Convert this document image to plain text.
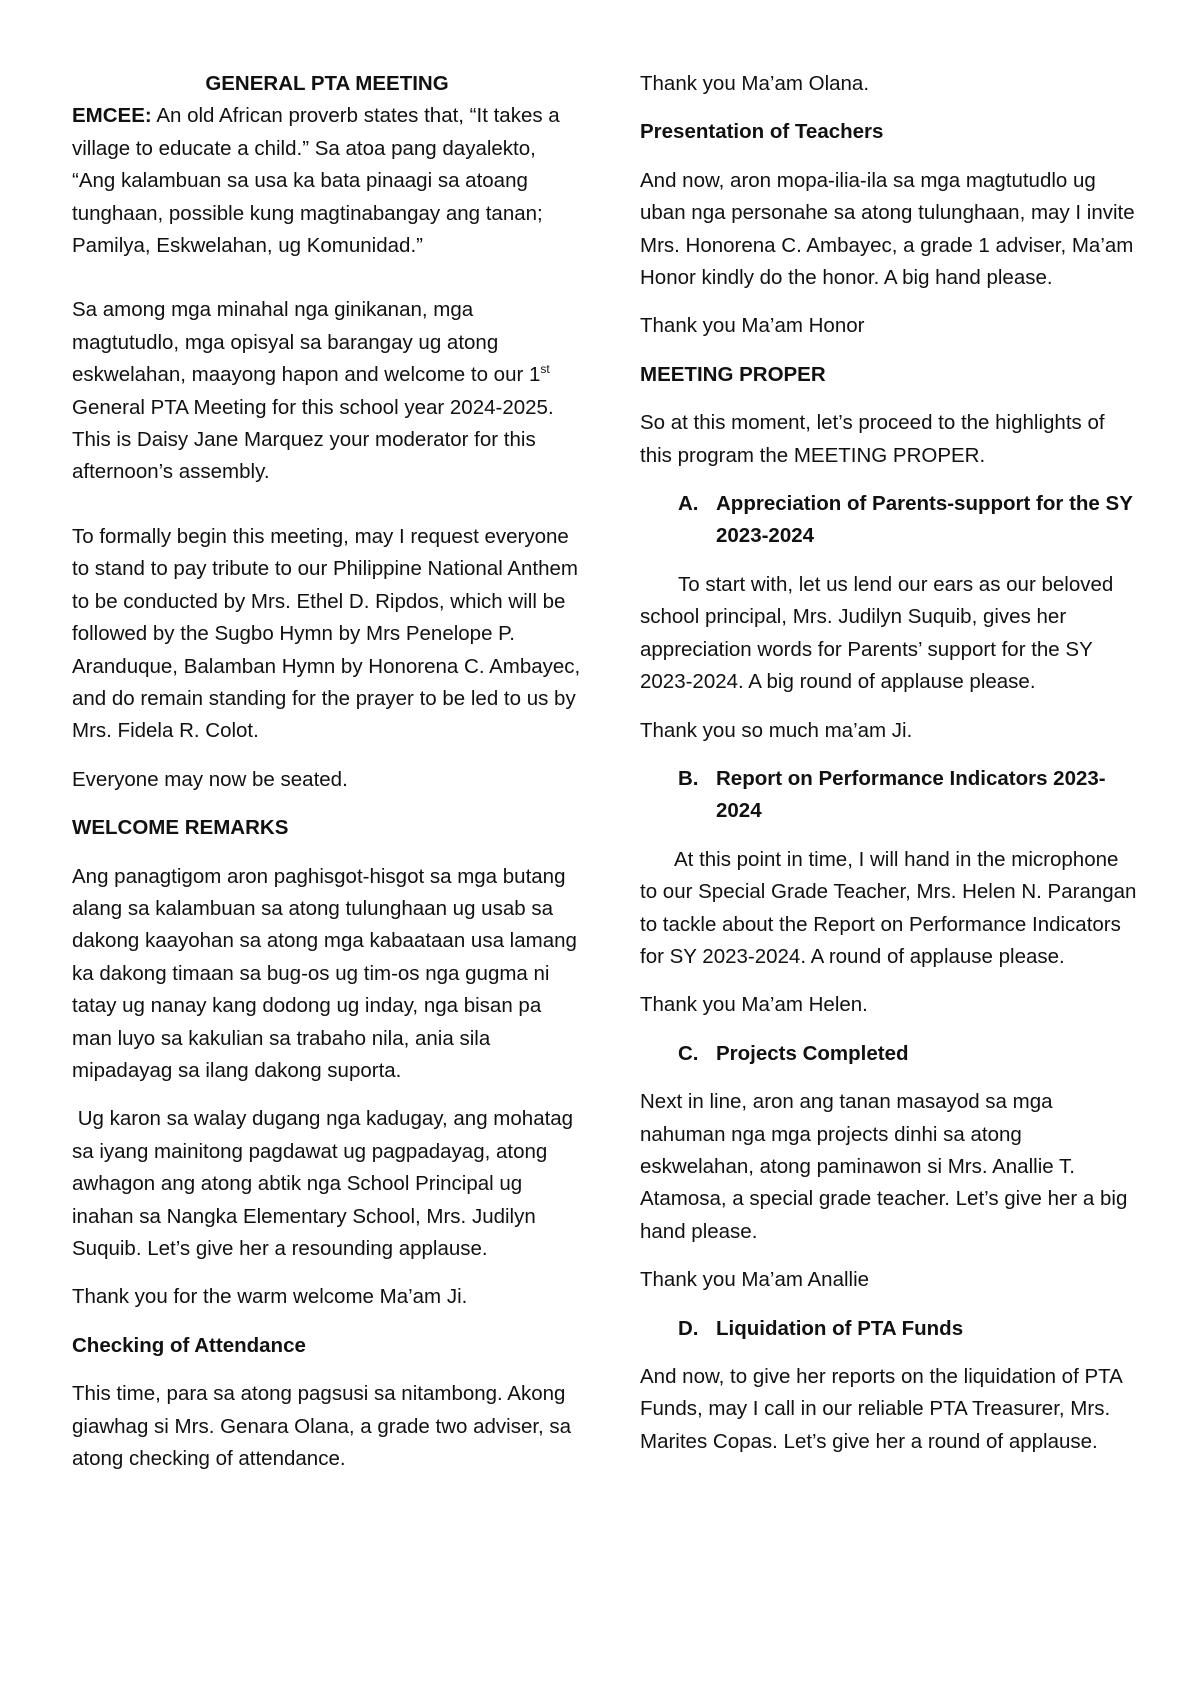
GENERAL PTA MEETING

EMCEE: An old African proverb states that, “It takes a village to educate a child.” Sa atoa pang dayalekto, “Ang kalambuan sa usa ka bata pinaagi sa atoang tunghaan, possible kung magtinabangay ang tanan; Pamilya, Eskwelahan, ug Komunidad.”

Sa among mga minahal nga ginikanan, mga magtutudlo, mga opisyal sa barangay ug atong eskwelahan, maayong hapon and welcome to our 1st General PTA Meeting for this school year 2024-2025. This is Daisy Jane Marquez your moderator for this afternoon’s assembly.

To formally begin this meeting, may I request everyone to stand to pay tribute to our Philippine National Anthem to be conducted by Mrs. Ethel D. Ripdos, which will be followed by the Sugbo Hymn by Mrs Penelope P. Aranduque, Balamban Hymn by Honorena C. Ambayec, and do remain standing for the prayer to be led to us by Mrs. Fidela R. Colot.

Everyone may now be seated.

WELCOME REMARKS

Ang panagtigom aron paghisgot-hisgot sa mga butang alang sa kalambuan sa atong tulunghaan ug usab sa dakong kaayohan sa atong mga kabaataan usa lamang ka dakong timaan sa bug-os ug tim-os nga gugma ni tatay ug nanay kang dodong ug inday, nga bisan pa man luyo sa kakulian sa trabaho nila, ania sila mipadayag sa ilang dakong suporta.

Ug karon sa walay dugang nga kadugay, ang mohatag sa iyang mainitong pagdawat ug pagpadayag, atong awhagon ang atong abtik nga School Principal ug inahan sa Nangka Elementary School, Mrs. Judilyn Suquib. Let’s give her a resounding applause.

Thank you for the warm welcome Ma’am Ji.

Checking of Attendance

This time, para sa atong pagsusi sa nitambong. Akong giawhag si Mrs. Genara Olana, a grade two adviser, sa atong checking of attendance.

Thank you Ma’am Olana.

Presentation of Teachers

And now, aron mopa-ilia-ila sa mga magtutudlo ug uban nga personahe sa atong tulunghaan, may I invite Mrs. Honorena C. Ambayec, a grade 1 adviser, Ma’am Honor kindly do the honor. A big hand please.

Thank you Ma’am Honor

MEETING PROPER

So at this moment, let’s proceed to the highlights of this program the MEETING PROPER.

A. Appreciation of Parents-support for the SY 2023-2024

To start with, let us lend our ears as our beloved school principal, Mrs. Judilyn Suquib, gives her appreciation words for Parents’ support for the SY 2023-2024. A big round of applause please.

Thank you so much ma’am Ji.

B. Report on Performance Indicators 2023-2024

At this point in time, I will hand in the microphone to our Special Grade Teacher, Mrs. Helen N. Parangan to tackle about the Report on Performance Indicators for SY 2023-2024. A round of applause please.

Thank you Ma’am Helen.

C. Projects Completed

Next in line, aron ang tanan masayod sa mga nahuman nga mga projects dinhi sa atong eskwelahan, atong paminawon si Mrs. Anallie T. Atamosa, a special grade teacher. Let’s give her a big hand please.

Thank you Ma’am Anallie

D. Liquidation of PTA Funds

And now, to give her reports on the liquidation of PTA Funds, may I call in our reliable PTA Treasurer, Mrs. Marites Copas. Let’s give her a round of applause.
